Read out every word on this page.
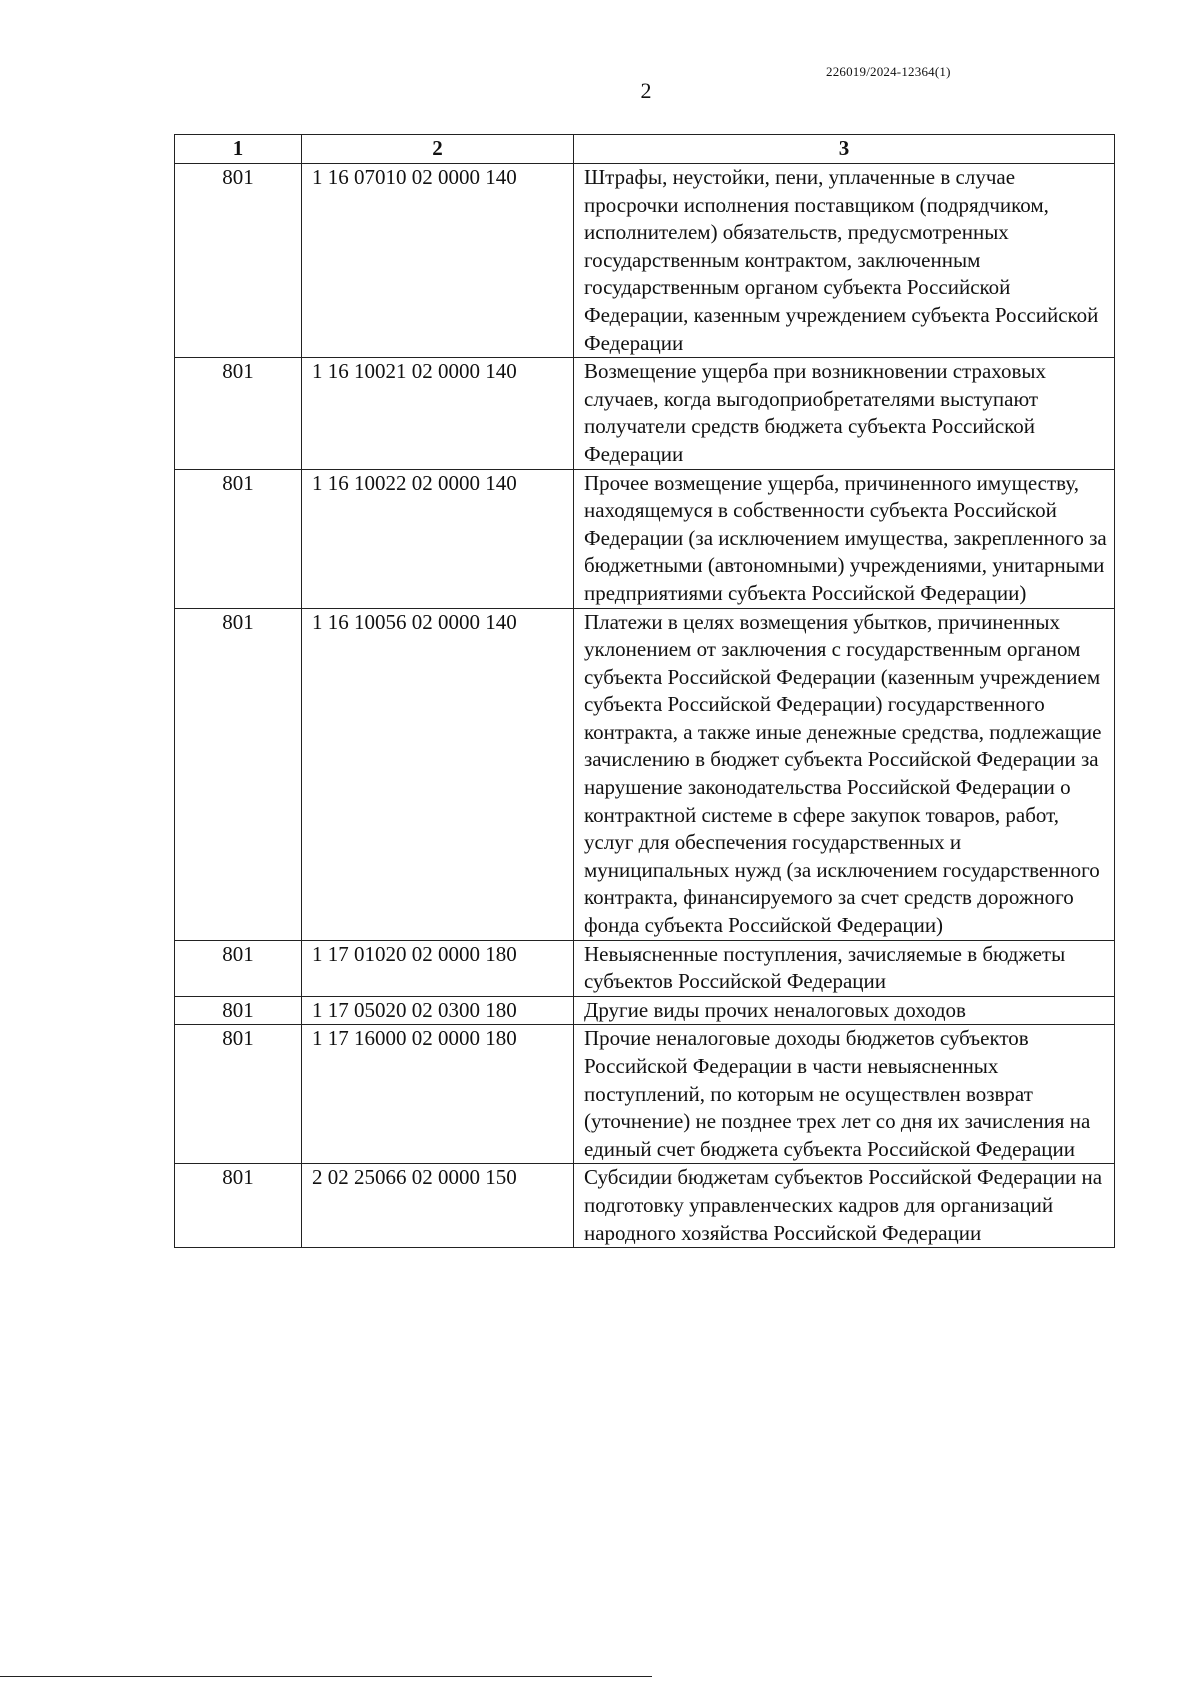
226019/2024-12364(1)
2
1	2	3
801	1 16 07010 02 0000 140	Штрафы, неустойки, пени, уплаченные в случае просрочки исполнения поставщиком (подрядчиком, исполнителем) обязательств, предусмотренных государственным контрактом, заключенным государственным органом субъекта Российской Федерации, казенным учреждением субъекта Российской Федерации
801	1 16 10021 02 0000 140	Возмещение ущерба при возникновении страховых случаев, когда выгодоприобретателями выступают получатели средств бюджета субъекта Российской Федерации
801	1 16 10022 02 0000 140	Прочее возмещение ущерба, причиненного имуществу, находящемуся в собственности субъекта Российской Федерации (за исключением имущества, закрепленного за бюджетными (автономными) учреждениями, унитарными предприятиями субъекта Российской Федерации)
801	1 16 10056 02 0000 140	Платежи в целях возмещения убытков, причиненных уклонением от заключения с государственным органом субъекта Российской Федерации (казенным учреждением субъекта Российской Федерации) государственного контракта, а также иные денежные средства, подлежащие зачислению в бюджет субъекта Российской Федерации за нарушение законодательства Российской Федерации о контрактной системе в сфере закупок товаров, работ, услуг для обеспечения государственных и муниципальных нужд (за исключением государственного контракта, финансируемого за счет средств дорожного фонда субъекта Российской Федерации)
801	1 17 01020 02 0000 180	Невыясненные поступления, зачисляемые в бюджеты субъектов Российской Федерации
801	1 17 05020 02 0300 180	Другие виды прочих неналоговых доходов
801	1 17 16000 02 0000 180	Прочие неналоговые доходы бюджетов субъектов Российской Федерации в части невыясненных поступлений, по которым не осуществлен возврат (уточнение) не позднее трех лет со дня их зачисления на единый счет бюджета субъекта Российской Федерации
801	2 02 25066 02 0000 150	Субсидии бюджетам субъектов Российской Федерации на подготовку управленческих кадров для организаций народного хозяйства Российской Федерации
